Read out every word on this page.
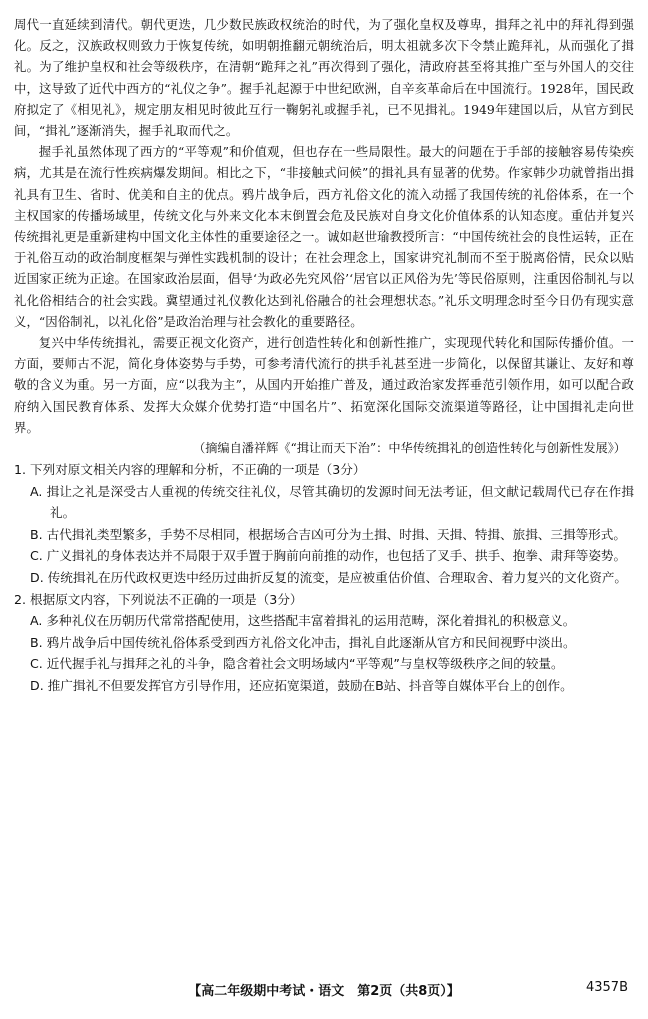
周代一直延续到清代。朝代更迭，几少数民族政权统治的时代，为了强化皇权及尊卑，揖拜之礼中的拜礼得到强化。反之，汉族政权则致力于恢复传统，如明朝推翻元朝统治后，明太祖就多次下令禁止跪拜礼，从而强化了揖礼。为了维护皇权和社会等级秩序，在清朝“跪拜之礼”再次得到了强化，清政府甚至将其推广至与外国人的交往中，这导致了近代中西方的“礼仪之争”。握手礼起源于中世纪欧洲，自辛亥革命后在中国流行。1928年，国民政府拟定了《相见礼》，规定朋友相见时彼此互行一鞠躬礼或握手礼，已不见揖礼。1949年建国以后，从官方到民间，“揖礼”逐渐消失，握手礼取而代之。

握手礼虽然体现了西方的“平等观”和价值观，但也存在一些局限性。最大的问题在于手部的接触容易传染疾病，尤其是在流行性疾病爆发期间。相比之下，“非接触式问候”的揖礼具有显著的优势。作家韩少功就曾指出揖礼具有卫生、省时、优美和自主的优点。鸦片战争后，西方礼俗文化的流入动摇了我国传统的礼俗体系，在一个主权国家的传播场域里，传统文化与外来文化本末倒置会危及民族对自身文化价值体系的认知态度。重估并复兴传统揖礼更是重新建构中国文化主体性的重要途径之一。诚如赵世瑜教授所言：“中国传统社会的良性运转，正在于礼俗互动的政治制度框架与弹性实践机制的设计；在社会理念上，国家讲究礼制而不至于脱离俗情，民众以贴近国家正统为正途。在国家政治层面，倡导‘为政必先究风俗’‘居官以正风俗为先’等民俗原则，注重因俗制礼与以礼化俗相结合的社会实践。冀望通过礼仪教化达到礼俗融合的社会理想状态。”礼乐文明理念时至今日仍有现实意义，“因俗制礼，以礼化俗”是政治治理与社会教化的重要路径。

复兴中华传统揖礼，需要正视文化资产，进行创造性转化和创新性推广，实现现代转化和国际传播价值。一方面，要师古不泥，简化身体姿势与手势，可参考清代流行的拱手礼甚至进一步简化，以保留其谦让、友好和尊敬的含义为重。另一方面，应“以我为主”，从国内开始推广普及，通过政治家发挥垂范引领作用，如可以配合政府纳入国民教育体系、发挥大众媒介优势打造“中国名片”、拓宽深化国际交流渠道等路径，让中国揖礼走向世界。

（摘编自潘祥辉《“揖让而天下治”：中华传统揖礼的创造性转化与创新性发展》）

1. 下列对原文相关内容的理解和分析，不正确的一项是（3分）

A. 揖让之礼是深受古人重视的传统交往礼仪，尽管其确切的发源时间无法考证，但文献记载周代已存在作揖礼。

B. 古代揖礼类型繁多，手势不尽相同，根据场合吉凶可分为土揖、时揖、天揖、特揖、旅揖、三揖等形式。

C. 广义揖礼的身体表达并不局限于双手置于胸前向前推的动作，也包括了叉手、拱手、抱拳、肃拜等姿势。

D. 传统揖礼在历代政权更迭中经历过曲折反复的流变，是应被重估价值、合理取舍、着力复兴的文化资产。

2. 根据原文内容，下列说法不正确的一项是（3分）

A. 多种礼仪在历朝历代常常搭配使用，这些搭配丰富着揖礼的运用范畴，深化着揖礼的积极意义。

B. 鸦片战争后中国传统礼俗体系受到西方礼俗文化冲击，揖礼自此逐渐从官方和民间视野中淡出。

C. 近代握手礼与揖拜之礼的斗争，隐含着社会文明场域内“平等观”与皇权等级秩序之间的较量。

D. 推广揖礼不但要发挥官方引导作用，还应拓宽渠道，鼓励在B站、抖音等自媒体平台上的创作。

【高二年级期中考试・语文　第2页（共8页）】	4357B
